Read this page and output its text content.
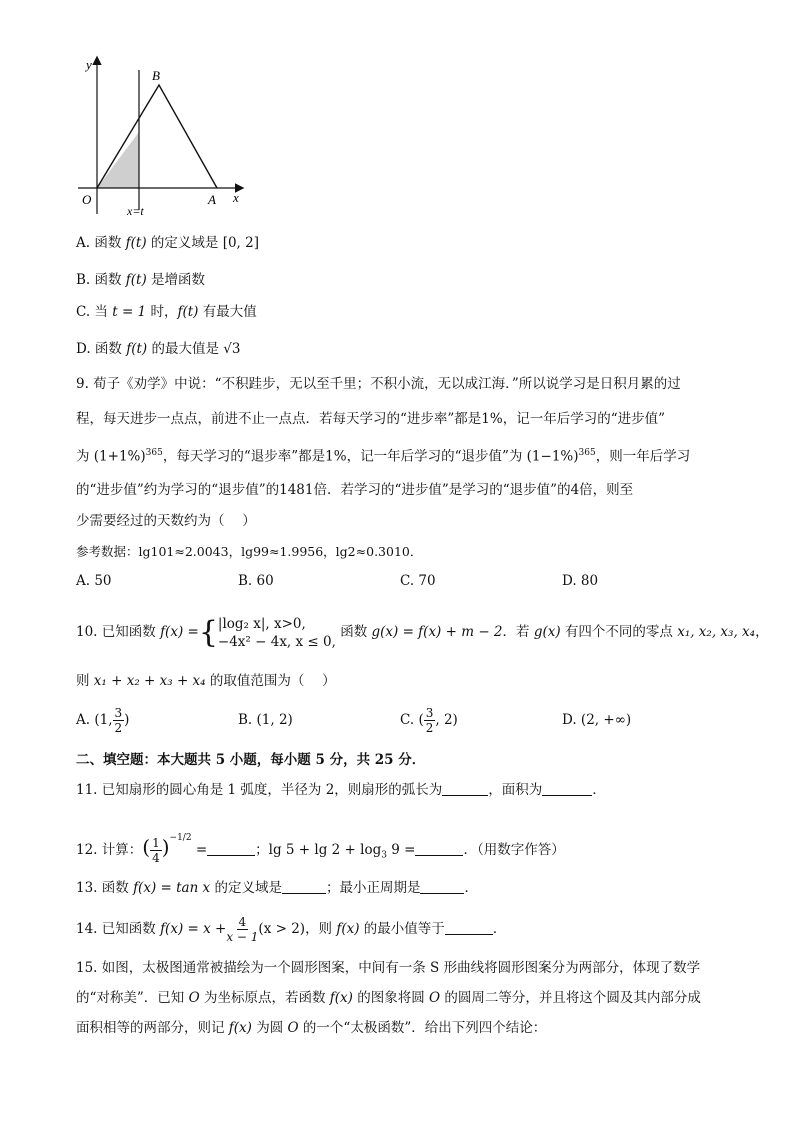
y
x
B
O	A
x=t
A. 函数 f(t) 的定义域是 [0, 2]
B. 函数 f(t) 是增函数
C. 当 t = 1 时，f(t) 有最大值
D. 函数 f(t) 的最大值是 √3
9. 荀子《劝学》中说：“不积跬步，无以至千里；不积小流，无以成江海．”所以说学习是日积月累的过
程，每天进步一点点，前进不止一点点．若每天学习的“进步率”都是1%，记一年后学习的“进步值”
为 $(1+1\%)^{365}$，每天学习的“退步率”都是1%，记一年后学习的“退步值”为 $(1-1\%)^{365}$，则一年后学习
的“进步值”约为学习的“退步值”的1481倍．若学习的“进步值”是学习的“退步值”的4倍，则至
少需要经过的天数约为（　 ）
参考数据：lg101≈2.0043，lg99≈1.9956，lg2≈0.3010．
A. 50	B. 60	C. 70	D. 80
10. 已知函数 f(x) ={ |log₂ x|, x>0,
−4x² − 4x, x ≤ 0,
函数 g(x) = f(x) + m − 2．若 g(x) 有四个不同的零点 x₁, x₂, x₃, x₄，
则 x₁ + x₂ + x₃ + x₄ 的取值范围为（　 ）
A. (1, $\frac{3}{2}$ )	B. (1, 2)	C. ( $\frac{3}{2}$ , 2)	D. (2, +∞)
二、填空题：本大题共 5 小题，每小题 5 分，共 25 分．
11. 已知扇形的圆心角是 1 弧度，半径为 2，则扇形的弧长为	，面积为	．
12. 计算：( $\frac{1}{4} )^{-1/2}$ =	；$\lg 5 + \lg 2 + \log_3 9$ =	．（用数字作答）
13. 函数 f(x) = tan x 的定义域是	；最小正周期是	．
14. 已知函数 $f(x) = x + \frac{4}{x - 1} (x > 2)$，则 f(x) 的最小值等于	．
15. 如图，太极图通常被描绘为一个圆形图案，中间有一条 S 形曲线将圆形图案分为两部分，体现了数学
的“对称美”．已知 O 为坐标原点，若函数 f(x) 的图象将圆 O 的圆周二等分，并且将这个圆及其内部分成
面积相等的两部分，则记 f(x) 为圆 O 的一个“太极函数”．给出下列四个结论：
